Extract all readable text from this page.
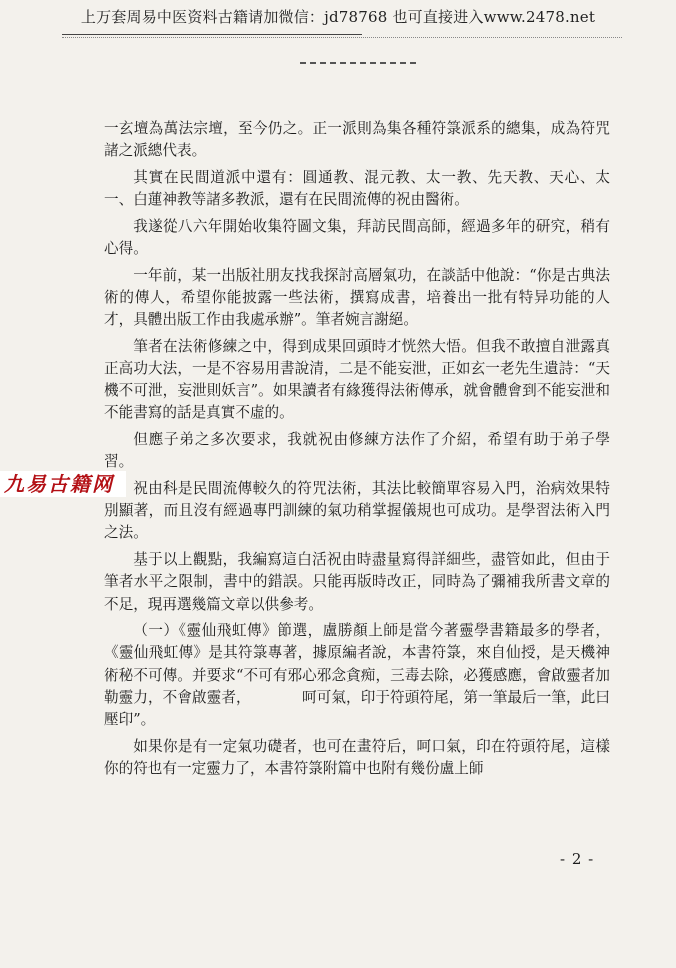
上万套周易中医资料古籍请加微信：jd78768 也可直接进入www.2478.net

一玄壇為萬法宗壇，至今仍之。正一派則為集各種符箓派系的總集，成為符咒諸之派總代表。

其實在民間道派中還有：圓通教、混元教、太一教、先天教、天心、太一、白蓮神教等諸多教派，還有在民間流傳的祝由醫術。

我遂從八六年開始收集符圖文集，拜訪民間高師，經過多年的研究，稍有心得。

一年前，某一出版社朋友找我探討高層氣功，在談話中他說：“你是古典法術的傳人，希望你能披露一些法術，撰寫成書，培養出一批有特异功能的人才，具體出版工作由我處承辦”。筆者婉言謝絕。

筆者在法術修練之中，得到成果回頭時才恍然大悟。但我不敢擅自泄露真正高功大法，一是不容易用書說清，二是不能妄泄，正如玄一老先生遺詩：“天機不可泄，妄泄則妖言”。如果讀者有緣獲得法術傳承，就會體會到不能妄泄和不能書寫的話是真實不虛的。

但應子弟之多次要求，我就祝由修練方法作了介紹，希望有助于弟子學習。

祝由科是民間流傳較久的符咒法術，其法比較簡單容易入門，治病效果特別顯著，而且沒有經過專門訓練的氣功稍掌握儀規也可成功。是學習法術入門之法。

基于以上觀點，我編寫這白活祝由時盡量寫得詳細些，盡管如此，但由于筆者水平之限制，書中的錯誤。只能再版時改正，同時為了彌補我所書文章的不足，現再選幾篇文章以供參考。

（一）《靈仙飛虹傳》節選，盧勝顏上師是當今著靈學書籍最多的學者，《靈仙飛虹傳》是其符箓專著，據原編者說，本書符箓，來自仙授，是天機神術秘不可傳。并要求“不可有邪心邪念貪痴，三毒去除，必獲感應，會啟靈者加勒靈力，不會啟靈者，　　　　呵可氣，印于符頭符尾，第一筆最后一筆，此曰壓印”。

如果你是有一定氣功礎者，也可在畫符后，呵口氣，印在符頭符尾，這樣你的符也有一定靈力了，本書符箓附篇中也附有幾份盧上師

九易古籍网
- 2 -
